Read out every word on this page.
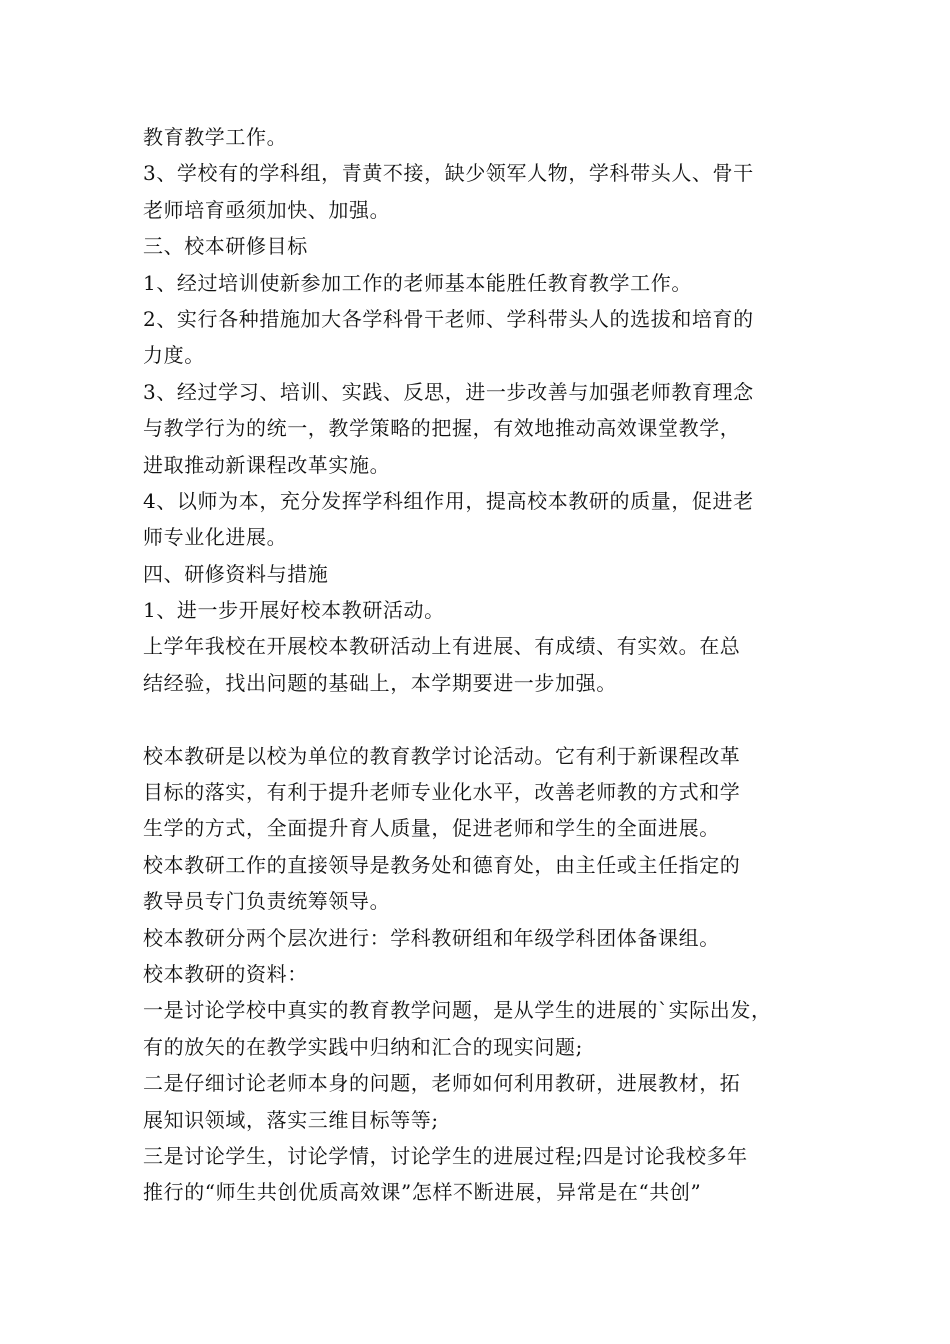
教育教学工作。
3、学校有的学科组，青黄不接，缺少领军人物，学科带头人、骨干
老师培育亟须加快、加强。
三、校本研修目标
1、经过培训使新参加工作的老师基本能胜任教育教学工作。
2、实行各种措施加大各学科骨干老师、学科带头人的选拔和培育的
力度。
3、经过学习、培训、实践、反思，进一步改善与加强老师教育理念
与教学行为的统一，教学策略的把握，有效地推动高效课堂教学，
进取推动新课程改革实施。
4、以师为本，充分发挥学科组作用，提高校本教研的质量，促进老
师专业化进展。
四、研修资料与措施
1、进一步开展好校本教研活动。
上学年我校在开展校本教研活动上有进展、有成绩、有实效。在总
结经验，找出问题的基础上，本学期要进一步加强。
校本教研是以校为单位的教育教学讨论活动。它有利于新课程改革
目标的落实，有利于提升老师专业化水平，改善老师教的方式和学
生学的方式，全面提升育人质量，促进老师和学生的全面进展。
校本教研工作的直接领导是教务处和德育处，由主任或主任指定的
教导员专门负责统筹领导。
校本教研分两个层次进行：学科教研组和年级学科团体备课组。
校本教研的资料：
一是讨论学校中真实的教育教学问题，是从学生的进展的`实际出发，
有的放矢的在教学实践中归纳和汇合的现实问题;
二是仔细讨论老师本身的问题，老师如何利用教研，进展教材，拓
展知识领域，落实三维目标等等;
三是讨论学生，讨论学情，讨论学生的进展过程;四是讨论我校多年
推行的“师生共创优质高效课”怎样不断进展，异常是在“共创”
